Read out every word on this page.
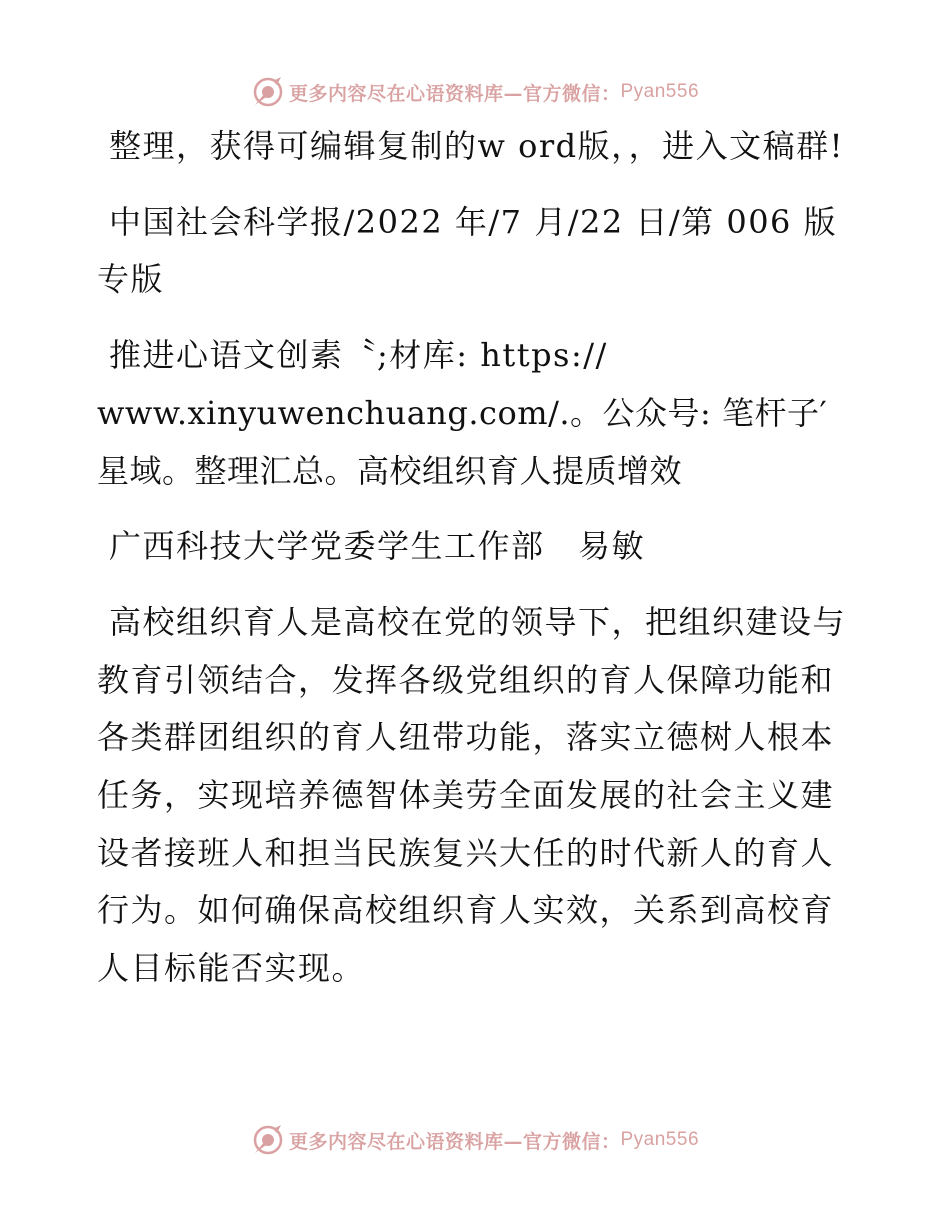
更多内容尽在心语资料库—官方微信： Pyan556

整理，获得可编辑复制的w ord版，，进入文稿群!

中国社会科学报/2022 年/7 月/22 日/第 006 版专版

推进心语文创素〝;材库: https://
www.xinyuwenchuang.com/.。公众号: 笔杆子′星域。整理汇总。高校组织育人提质增效

广西科技大学党委学生工作部　易敏

高校组织育人是高校在党的领导下，把组织建设与教育引领结合，发挥各级党组织的育人保障功能和各类群团组织的育人纽带功能，落实立德树人根本任务，实现培养德智体美劳全面发展的社会主义建设者接班人和担当民族复兴大任的时代新人的育人行为。如何确保高校组织育人实效，关系到高校育人目标能否实现。

更多内容尽在心语资料库—官方微信： Pyan556
